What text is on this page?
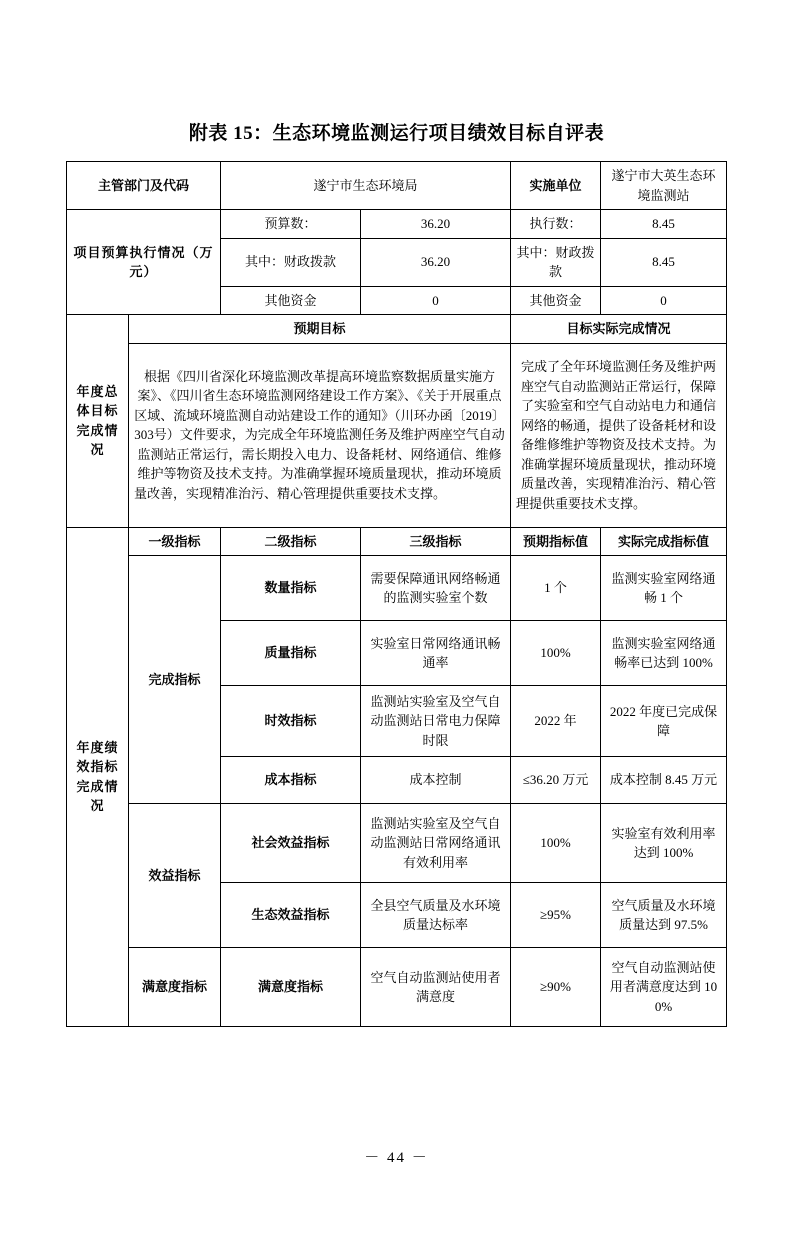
附表 15：生态环境监测运行项目绩效目标自评表
主管部门及代码		遂宁市生态环境局		实施单位	遂宁市大英生态环境监测站
项目预算执行情况（万元）		预算数：	36.20	执行数：	8.45
		其中：财政拨款	36.20	其中：财政拨款	8.45
		其他资金	0	其他资金	0
年度总体目标完成情况	预期目标			目标实际完成情况	
	根据《四川省深化环境监测改革提高环境监察数据质量实施方案》、《四川省生态环境监测网络建设工作方案》、《关于开展重点区域、流域环境监测自动站建设工作的通知》（川环办函〔2019〕303号）文件要求，为完成全年环境监测任务及维护两座空气自动监测站正常运行，需长期投入电力、设备耗材、网络通信、维修维护等物资及技术支持。为准确掌握环境质量现状，推动环境质量改善，实现精准治污、精心管理提供重要技术支撑。			完成了全年环境监测任务及维护两座空气自动监测站正常运行，保障了实验室和空气自动站电力和通信网络的畅通，提供了设备耗材和设备维修维护等物资及技术支持。为准确掌握环境质量现状，推动环境质量改善，实现精准治污、精心管理提供重要技术支撑。	
年度绩效指标完成情况	一级指标	二级指标	三级指标	预期指标值	实际完成指标值
	完成指标	数量指标	需要保障通讯网络畅通的监测实验室个数	1 个	监测实验室网络通畅 1 个
		质量指标	实验室日常网络通讯畅通率	100%	监测实验室网络通畅率已达到 100%
		时效指标	监测站实验室及空气自动监测站日常电力保障时限	2022 年	2022 年度已完成保障
		成本指标	成本控制	≤36.20 万元	成本控制 8.45 万元
	效益指标	社会效益指标	监测站实验室及空气自动监测站日常网络通讯有效利用率	100%	实验室有效利用率达到 100%
		生态效益指标	全县空气质量及水环境质量达标率	≥95%	空气质量及水环境质量达到 97.5%
	满意度指标	满意度指标	空气自动监测站使用者满意度	≥90%	空气自动监测站使用者满意度达到 100%
－ 44 －
